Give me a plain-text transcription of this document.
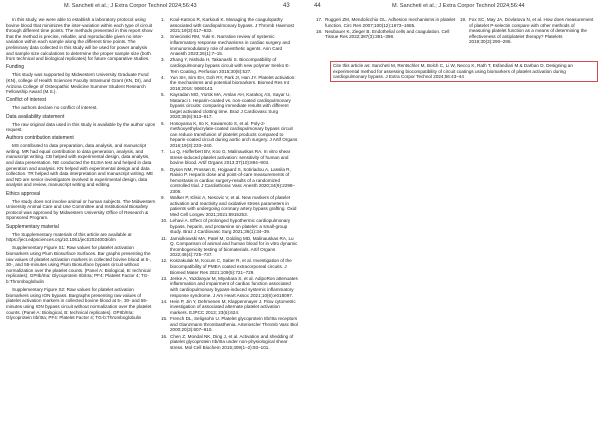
M. Sancheti et al.; J Extra Corpor Technol 2024;56:43	43

In this study, we were able to establish a laboratory protocol using bovine blood that minimizes the inter-variation within each type of circuit through different time points. The methods presented in this report show that the method is precise, reliable, and reproducible given no inter-variation within each sample along the different time points. The preliminary data collected in this study will be used for power analysis and sample size calculations to determine the proper sample size (both from technical and biological replicates) for future comparative studies.

Funding

This study was supported by Midwestern University Graduate Fund (KN), college of Health Sciences Faculty Intramural Grant (KN, DI), and Arizona College of Osteopathic Medicine Summer Student Research Fellowship Award (M.S.).

Conflict of interest

The authors declare no conflict of interest.

Data availability statement

The raw original data used in this study is available by the author upon request.

Authors contribution statement

MS contributed to data preparation, data analysis, and manuscript writing. MR had equal contribution to data generation, analysis, and manuscript writing. CB helped with experimental design, data analysis, and data presentation. NE conducted the ELISA test and helped in data generation and analysis. KN helped with experimental design and data collection. TR helped with data interpretation and manuscript writing. ME and ND are senior investigators involved in experimental design, data analysis and review, manuscript writing and editing.

Ethics approval

The study does not involve animal or human subjects. The Midwestern University Animal Care and Use Committee and Institutional Biosafety protocol was approved by Midwestern University Office of Research & Sponsored Program.

Supplementary material

The Supplementary materials of this article are available at https://ject.edpsciences.org/10.1051/ject/2024003/olm

Supplementary Figure S1: Raw values for platelet activation biomarkers using Plum Biosurface Surfaces. Bar graphs presenting the raw values of platelet activation markers in collected bovine blood at 5-, 30-, and 55-minutes using Plum Biosurface bypass circuit without normalization over the platelet counts. (Panel A: Biological, B: technical replicates). GPIIb/IIIa: Glycoprotein IIb/IIIa; PF4: Platelet Factor 4; TG-b:Thromboglobulin

Supplementary Figure S2: Raw values for platelet activation biomarkers using ION bypass. Bargraphs presenting raw values of platelet activation markers in collected bovine blood at 5-, 30- and 55-minutes using ION bypass circuit without normalization over the platelet counts. (Panel A: Biological, B: technical replicates). GPIIb/IIIa: Glycoprotein IIb/IIIa; PF4: Platelet Factor 4; TG-b:Thromboglobulin

1.	Koul-Katnoo R, Karkouti K. Managing the coagulopathy associated with cardiopulmonary bypass. J Thromb Haemost 2021;19(3):617–632.
2.	Sniecinski RM, Yuki K. Narrative review of systemic inflammatory response mechanisms in cardiac surgery and immunomodulatory role of anesthetic agents. Ann Card Anaesth 2023;26(1):7–15.
3.	Zhang Y, Nishida H, Takanashi S. Biocompatibility of cardiopulmonary bypass circuit with new polymer Senko E-Tem Coating. Perfusion 2015;30(6):527.
4.	Yun SH, Sim EH, Goh RY, Park JI, Han JY. Platelet activation: the mechanisms and potential biomarkers. Biomed Res Int 2016;2016: 9060143.
5.	Kayradan MO, Yürük MA, Arslan AH, Karakoç AS, Sayar U, Mataraci I. Heparin-coated vs. non-coated cardiopulmonary bypass circuits: comparing immediate results with different target activated clotting time. Braz J Cardiovasc Surg 2020;35(6):913–917.
6.	Hosoyama K, Ito K, Kawamoto S, et al. Poly-2-methoxyethylacrylate-coated cardiopulmonary bypass circuit can reduce transfusion of platelet products compared to heparin-coated circuit during aortic arch surgery. J Artif Organs 2016;19(3):233–240.
7.	Lu Q, Hofferbert BV, Koo G, Malinauskas RA. In vitro shear stress-induced platelet activation: sensitivity of human and bovine blood. Artif Organs 2013;37(10):894–903.
8.	Dyson NM, Prossen E, Hojgaard S, Sotiriadou A, Lassila R, Raivio P. Heparin dose and point-of-care measurements of hemostasis in cardiac surgery-results of a randomized controlled trial. J Cardiothorac Vasc Anesth 2020;34(9):2298–2306.
9.	Walker P, Klisic A, Nesovic V, et al. New markers of platelet activation and reactivity and oxidative stress parameters in patients with undergoing coronary artery bypass grafting. Oxid Med Cell Longev 2021;2021:8915253.
10. Lehavi A. Effect of prolonged hypothermic cardiopulmonary bypass, heparin, and protamine on platelet: a small-group study. Braz J Cardiovasc Surg 2021;36(1):34–39.
11. Jamiolkowski MA, Patel M, Golding MD, Malinauskas RA, Lu Q. Comparison of animal and human blood for in vitro dynamic thrombogenicity testing of biomaterials. Artif Organs 2022;46(4):725–737.
12. Koszakulak M, Kocum C, Saber R, et al. Investigation of the biocompatibility of PMEA coated extracorporeal circuits. J Biomed Mater Res 2021;109(5):721–729.
13. Jenke A, Yazdanyar M, Miyahara S, et al. AdipoRon attenuates inflammation and impairment of cardiac function associated with cardiopulmonary bypass-induced systemic inflammatory response syndrome. J Am Heart Assoc 2021;10(6):e018097.
14. Hein P, Jin Y, Dehmenen M, Klappenmayer J. Flow cytometric investigation of associated alternate platelet activation markers. EJPCC 2013; 23(6):624.
15. French DL, Seligsohn U. Platelet glycoprotein IIb/IIIa receptors and Glanzmann thrombasthenia. Arterioscler Thromb Vasc Biol 2000;20(3):607–610.
16. Chen Z, Mondal NK, Ding J, et al. Activation and shedding of platelet glycoprotein IIb/IIIa under non-physiological shear stress. Mol Cell Biochem 2015;409(1–2):93–101.
44	M. Sancheti et al.; J Extra Corpor Technol 2024;56:44
17. Ruggeri ZM, Mendolicchio GL. Adhesion mechanisms in platelet function. Circ Res 2007;100(12):1673–1685.
18. Neubauer K, Zieger B. Endothelial cells and coagulation. Cell Tissue Res 2022;387(3):391–398.
19. Fox SC, May JA, Dovlatova N, et al. How does measurement of platelet P-selectin compare with other methods of measuring platelet function as a means of determining the effectiveness of antiplatelet therapy? Platelets 2019;30(3):290–295.
Cite this article as: Sancheti M, Rentschler M, Bolch C, Li W, Necco K, Rath T, Esfandiari M & Darban D. Designing an experimental method for assessing biocompatibility of circuit coatings using biomarkers of platelet activation during cardiopulmonary bypass. J Extra Corpor Technol 2024;56:43–44
